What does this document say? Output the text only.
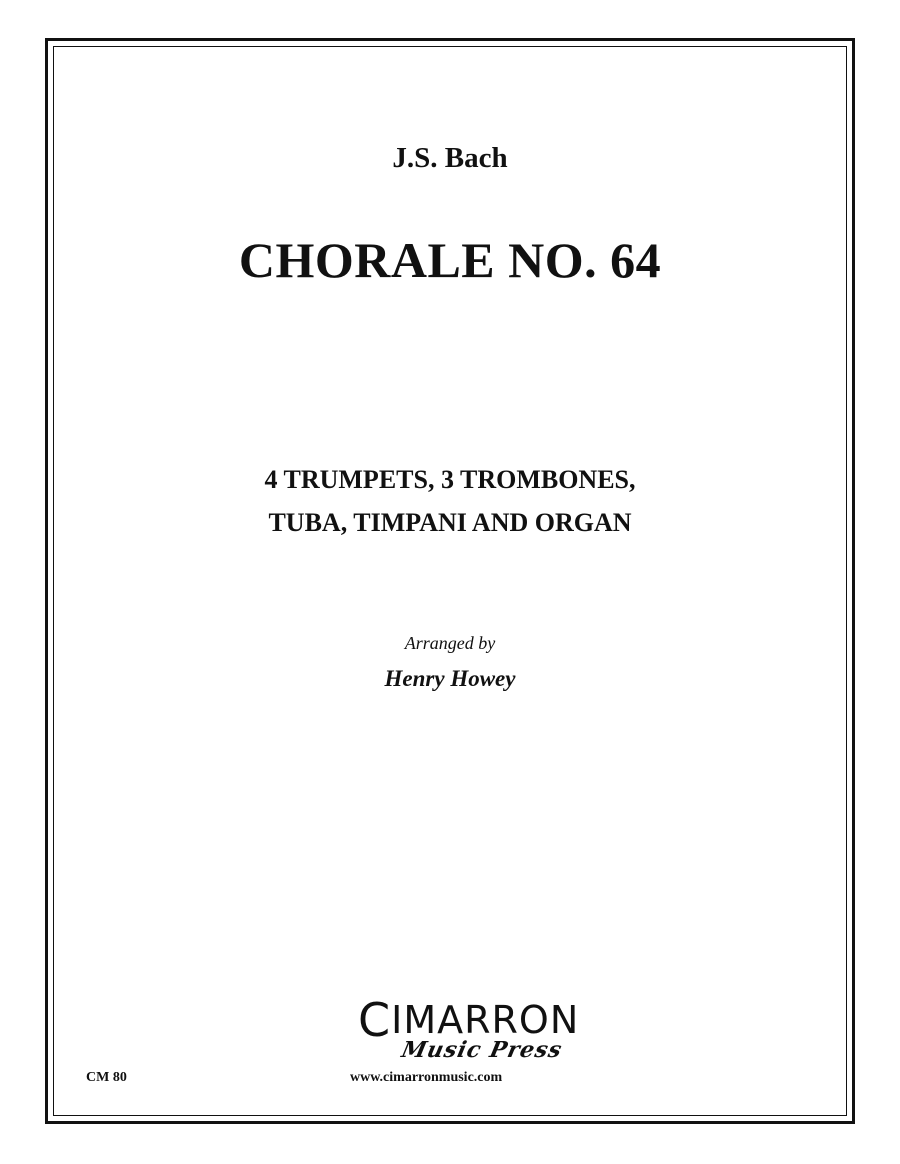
J.S. Bach
CHORALE NO. 64
4 TRUMPETS, 3 TROMBONES,
TUBA, TIMPANI AND ORGAN
Arranged by
Henry Howey
CM 80
CIMARRON
Music Press
www.cimarronmusic.com
